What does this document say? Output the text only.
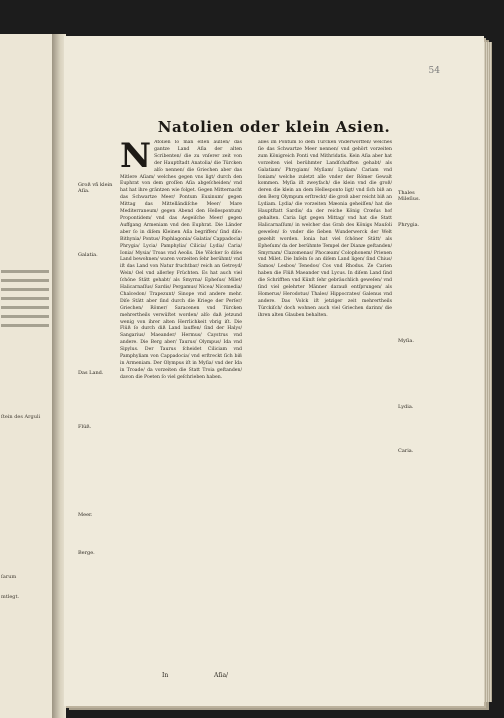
ſtein des Arguli
ſarum
mtlegt.
54
Natolien oder klein Asien.
Groß vñ klein Aſia.
Galatia.
Das Land.
Flüß.
Meer.
Berge.

N Atolien ſo man eſſen auſſen/ das gantze Land Aſia der alten Scribenten/ die zu vnſerer zeit von der Hauptſtadt Anatolia/ die Türcken alſo nennen/ die Griechen aber das Mitlere Aſiam/ welches gegen vns ligt/ durch den Euphrat von dem groſſen Aſia abgeſcheiden/ vnd hat hat ihre gräntzen wie folget. Gegen Mitternacht das Schwartze Meer/ Pontum Euxinum/ gegen Mittag das Mittelländiſche Meer/ Mare Mediterraneum/ gegen Abend den Hellespontum/ Propontidem/ vnd das Aegeiſche Meer/ gegen Auffgang Armeniam vnd den Euphrat. Die Länder aber ſo in diſem Kleinen Aſia begriffen/ ſind diſe: Bithynia/ Pontus/ Paphlagonia/ Galatia/ Cappadocia/ Phrygia/ Lycia/ Pamphylia/ Cilicia/ Lydia/ Caria/ Ionia/ Mysia/ Troas vnd Aeolis. Die Völcker ſo diſes Land bewohnen/ waren vorzeiten ſehr berühmt/ vnd iſt das Land von Natur fruchtbar/ reich an Getreyd/ Wein/ Oel vnd allerley Früchten. Es hat auch viel ſchöne Stätt gehabt/ als Smyrna/ Epheſus/ Milet/ Halicarnaſſus/ Sardis/ Pergamus/ Nicea/ Nicomedia/ Chalcedon/ Trapezunt/ Sinope vnd andere mehr. Diſe Stätt aber ſind durch die Kriege der Perſer/ Griechen/ Römer/ Saracenen vnd Türcken mehrertheils verwüſtet worden/ alſo daß jetzund wenig von ihrer alten Herrlichkeit vbrig iſt. Die Flüß ſo durch diß Land lauffen/ ſind der Halys/ Sangarius/ Maeander/ Hermus/ Caystrus vnd andere. Die Berg aber/ Taurus/ Olympus/ Ida vnd Sipylus. Der Taurus ſcheidet Ciliciam vnd Pamphyliam von Cappadocia/ vnd erſtreckt ſich biß in Armeniam. Der Olympus iſt in Myſia/ vnd der Ida in Troade/ da vorzeiten die Statt Troia geſtanden/ davon die Poeten ſo viel geſchrieben haben.

alles im Pontum ſo dem Türcken vnderworffen/ welches ſie das Schwartze Meer nennen/ vnd gehört vorzeiten zum Königreich Ponti vnd Mithridatis. Kein Aſia aber hat vorzeiten viel berühmter Landſchafften gehabt/ als Galatiam/ Phrygiam/ Myſiam/ Lydiam/ Cariam vnd Ioniam/ welche zuletzt alle vnder der Römer Gewalt kommen. Myſia iſt zweyfach/ die klein vnd die groß/ deren die klein an dem Hellesponto ligt/ vnd ſich biß an den Berg Olympum erſtreckt/ die groß aber reicht biß an Lydiam. Lydia/ die vorzeiten Mæonia geheiſſen/ hat die Hauptſtatt Sardis/ da der reiche König Crœſus hof gehalten. Caria ligt gegen Mittag/ vnd hat die Statt Halicarnaſſum/ in welcher das Grab des Königs Mauſoli geweſen/ ſo vnder die ſieben Wunderwerck der Welt gezehlt worden. Ionia hat viel ſchöner Stätt/ als Epheſum/ da der berühmte Tempel der Dianæ geſtanden/ Smyrnam/ Clazomenas/ Phocæam/ Colophonem/ Prienen vnd Milet. Die Inſeln ſo an diſem Land ligen/ ſind Chius/ Samos/ Lesbos/ Tenedos/ Cos vnd Rhodus. Ze Carien haben die Flüß Maeander vnd Lycus. In diſem Land ſind die Schrifften vnd Künſt ſehr gebräuchlich geweſen/ vnd ſind viel gelehrter Männer darauß entſprungen/ als Homerus/ Herodotus/ Thales/ Hippocrates/ Galenus vnd andere. Das Volck iſt jetziger zeit mehrertheils Türckiſch/ doch wohnen auch viel Griechen darinn/ die ihren alten Glauben behalten.

Thales Mileſius.
Phrygia.
Myſia.
Lydia.
Caria.
In	Aſia/
